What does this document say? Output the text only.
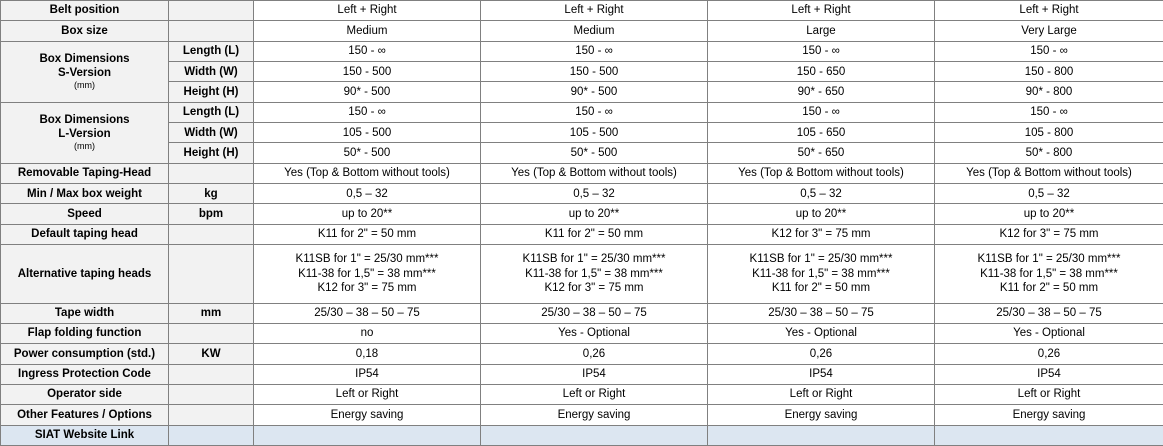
Belt position		Left + Right	Left + Right	Left + Right	Left + Right
Box size		Medium	Medium	Large	Very Large

Box Dimensions
S-Version
(mm)	Length (L)	150 - ∞	150 - ∞	150 - ∞	150 - ∞
	Width (W)	150 - 500	150 - 500	150 - 650	150 - 800
	Height (H)	90* - 500	90* - 500	90* - 650	90* - 800

Box Dimensions
L-Version
(mm)	Length (L)	150 - ∞	150 - ∞	150 - ∞	150 - ∞
	Width (W)	105 - 500	105 - 500	105 - 650	105 - 800
	Height (H)	50* - 500	50* - 500	50* - 650	50* - 800
Removable Taping-Head		Yes (Top & Bottom without tools)	Yes (Top & Bottom without tools)	Yes (Top & Bottom without tools)	Yes (Top & Bottom without tools)
Min / Max box weight	kg	0,5 – 32	0,5 – 32	0,5 – 32	0,5 – 32
Speed	bpm	up to 20**	up to 20**	up to 20**	up to 20**
Default taping head		K11 for 2" = 50 mm	K11 for 2" = 50 mm	K12 for 3" = 75 mm	K12 for 3" = 75 mm
Alternative taping heads		K11SB for 1" = 25/30 mm***
K11-38 for 1,5" = 38 mm***
K12 for 3" = 75 mm	K11SB for 1" = 25/30 mm***
K11-38 for 1,5" = 38 mm***
K12 for 3" = 75 mm	K11SB for 1" = 25/30 mm***
K11-38 for 1,5" = 38 mm***
K11 for 2" = 50 mm	K11SB for 1" = 25/30 mm***
K11-38 for 1,5" = 38 mm***
K11 for 2" = 50 mm

Tape width	mm	25/30 – 38 – 50 – 75	25/30 – 38 – 50 – 75	25/30 – 38 – 50 – 75	25/30 – 38 – 50 – 75
Flap folding function		no	Yes - Optional	Yes - Optional	Yes - Optional
Power consumption (std.)	KW	0,18	0,26	0,26	0,26
Ingress Protection Code		IP54	IP54	IP54	IP54
Operator side		Left or Right	Left or Right	Left or Right	Left or Right
Other Features / Options		Energy saving	Energy saving	Energy saving	Energy saving
SIAT Website Link					
